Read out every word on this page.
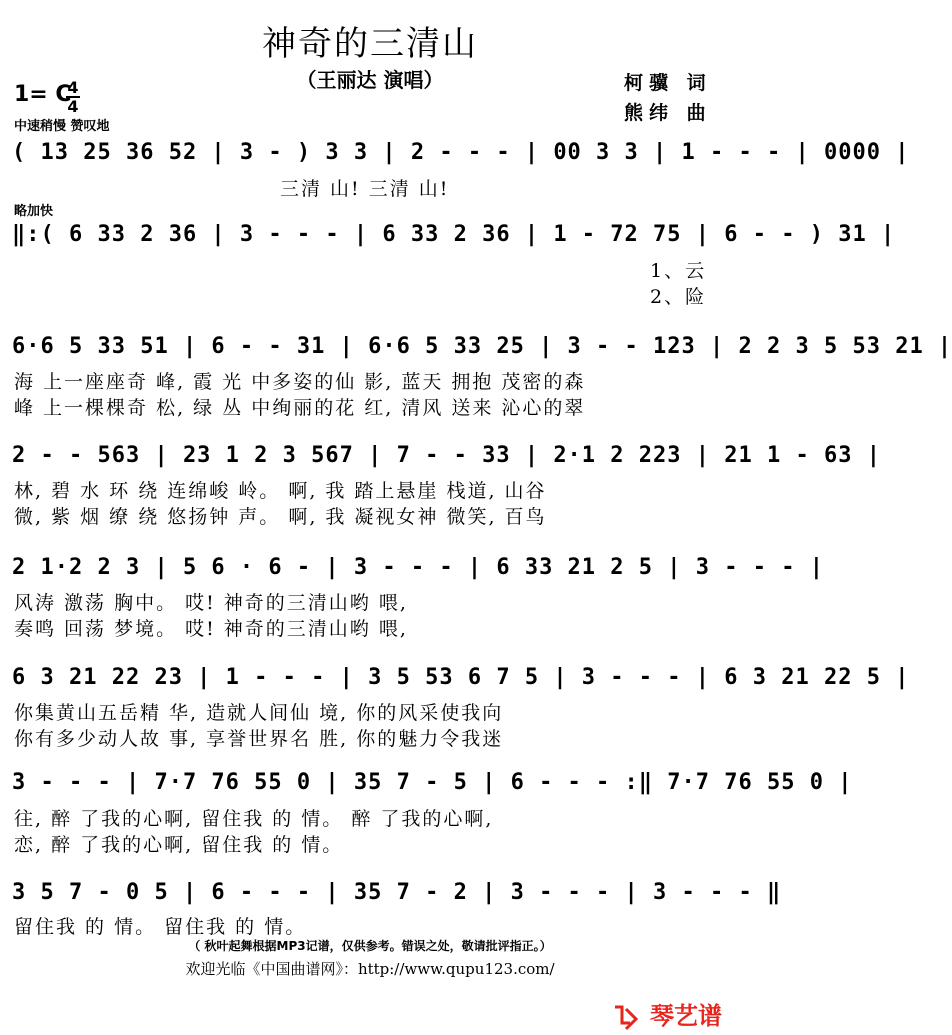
神奇的三清山
（王丽达 演唱）	柯骥 词
熊纬 曲
1= C
4
4
中速稍慢 赞叹地
( 13 25 36 52 | 3 - ) 3 3 | 2 - - - | 00 3 3 | 1 - - - | 0000 |
三清 山! 三清 山!
略加快
‖:( 6 33 2 36 | 3 - - - | 6 33 2 36 | 1 - 72 75 | 6 - - ) 31 |
1、云
2、险
6·6 5 33 51 | 6 - - 31 | 6·6 5 33 25 | 3 - - 123 | 2 2 3 5 53 21 |
海 上一座座奇 峰, 霞 光 中多姿的仙 影, 蓝天 拥抱 茂密的森
峰 上一棵棵奇 松, 绿 丛 中绚丽的花 红, 清风 送来 沁心的翠
2 - - 563 | 23 1 2 3 567 | 7 - - 33 | 2·1 2 223 | 21 1 - 63 |
林, 碧 水 环 绕 连绵峻 岭。 啊, 我 踏上悬崖 栈道, 山谷
微, 紫 烟 缭 绕 悠扬钟 声。 啊, 我 凝视女神 微笑, 百鸟
2 1·2 2 3 | 5 6 · 6 - | 3 - - - | 6 33 21 2 5 | 3 - - - |
风涛 激荡 胸中。 哎! 神奇的三清山哟 喂,
奏鸣 回荡 梦境。 哎! 神奇的三清山哟 喂,
6 3 21 22 23 | 1 - - - | 3 5 53 6 7 5 | 3 - - - | 6 3 21 22 5 |
你集黄山五岳精 华, 造就人间仙 境, 你的风采使我向
你有多少动人故 事, 享誉世界名 胜, 你的魅力令我迷
3 - - - | 7·7 76 55 0 | 35 7 - 5 | 6 - - - :‖ 7·7 76 55 0 |
往, 醉 了我的心啊, 留住我 的 情。 醉 了我的心啊,
恋, 醉 了我的心啊, 留住我 的 情。
3 5 7 - 0 5 | 6 - - - | 35 7 - 2 | 3 - - - | 3 - - - ‖
留住我 的 情。 留住我 的 情。
（ 秋叶起舞根据MP3记谱，仅供参考。错误之处，敬请批评指正。）
欢迎光临《中国曲谱网》：http://www.qupu123.com/
琴艺谱
